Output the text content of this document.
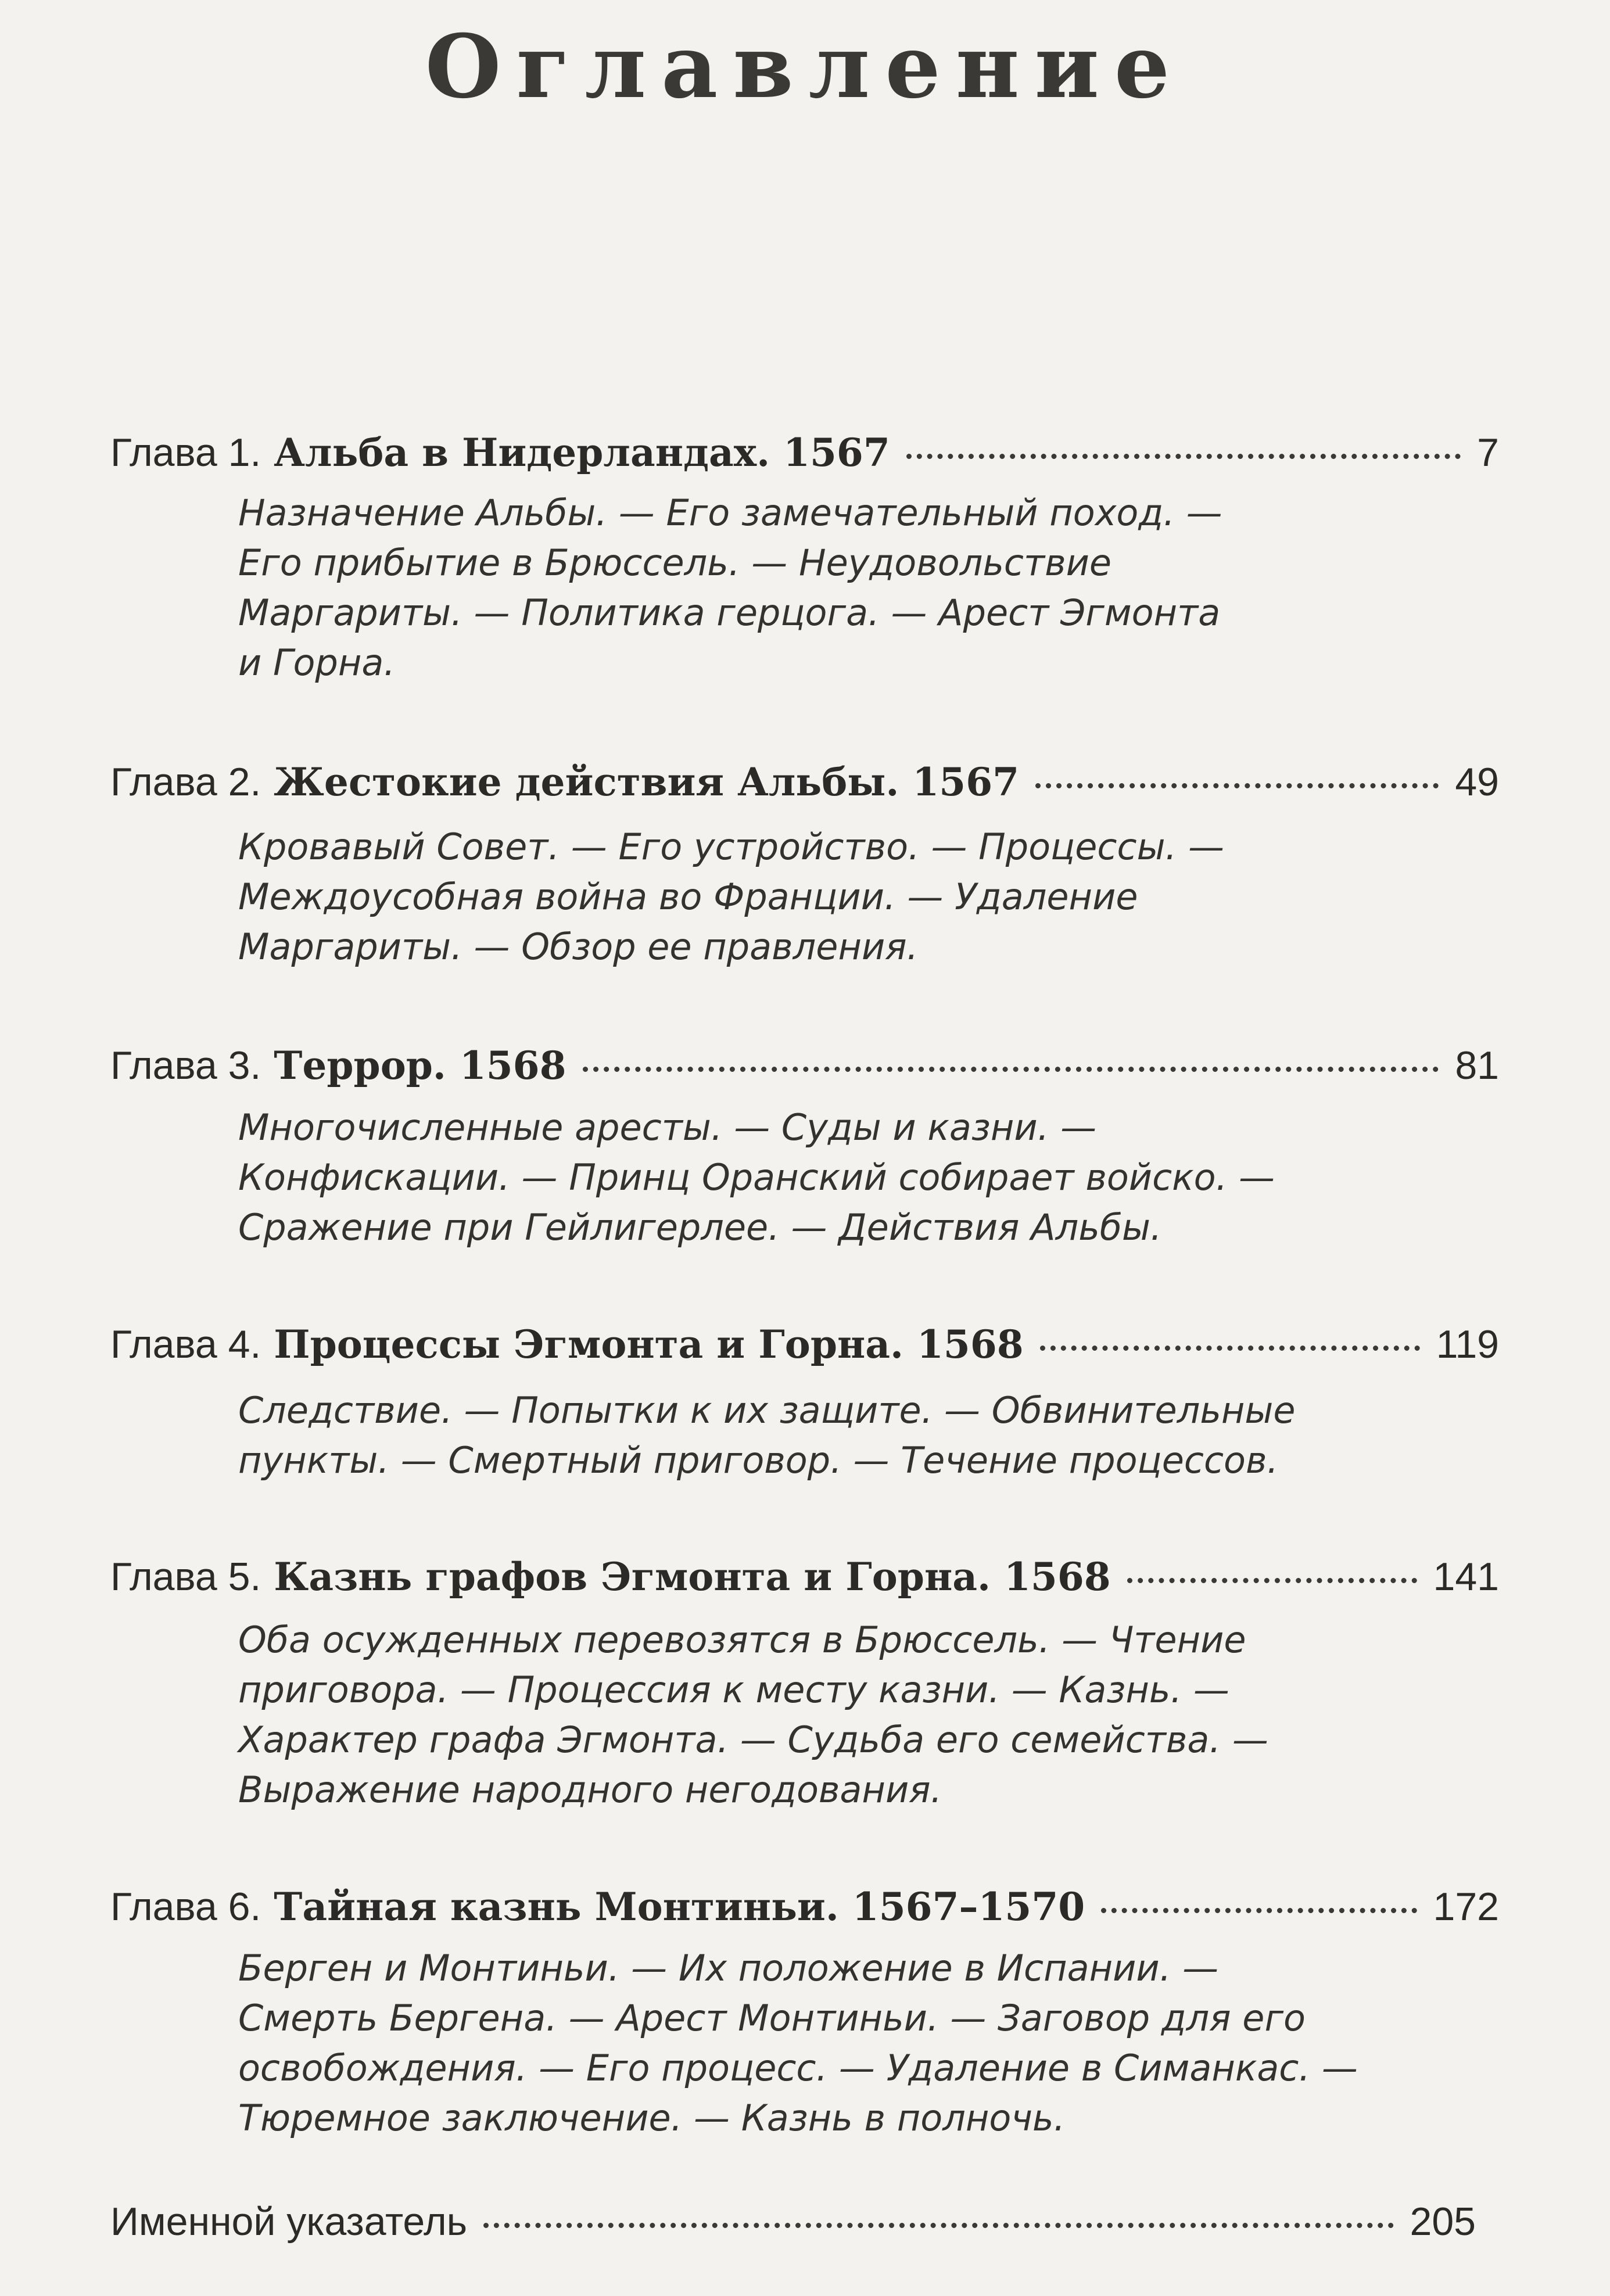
Оглавление
Глава 1. Альба в Нидерландах. 1567	7
Назначение Альбы. — Его замечательный поход. —
Его прибытие в Брюссель. — Неудовольствие
Маргариты. — Политика герцога. — Арест Эгмонта
и Горна.
Глава 2. Жестокие действия Альбы. 1567	49
Кровавый Совет. — Его устройство. — Процессы. —
Междоусобная война во Франции. — Удаление
Маргариты. — Обзор ее правления.
Глава 3. Террор. 1568	81
Многочисленные аресты. — Суды и казни. —
Конфискации. — Принц Оранский собирает войско. —
Сражение при Гейлигерлее. — Действия Альбы.
Глава 4. Процессы Эгмонта и Горна. 1568	119
Следствие. — Попытки к их защите. — Обвинительные
пункты. — Смертный приговор. — Течение процессов.
Глава 5. Казнь графов Эгмонта и Горна. 1568	141
Оба осужденных перевозятся в Брюссель. — Чтение
приговора. — Процессия к месту казни. — Казнь. —
Характер графа Эгмонта. — Судьба его семейства. —
Выражение народного негодования.
Глава 6. Тайная казнь Монтиньи. 1567–1570	172
Берген и Монтиньи. — Их положение в Испании. —
Смерть Бергена. — Арест Монтиньи. — Заговор для его
освобождения. — Его процесс. — Удаление в Симанкас. —
Тюремное заключение. — Казнь в полночь.
Именной указатель	205
